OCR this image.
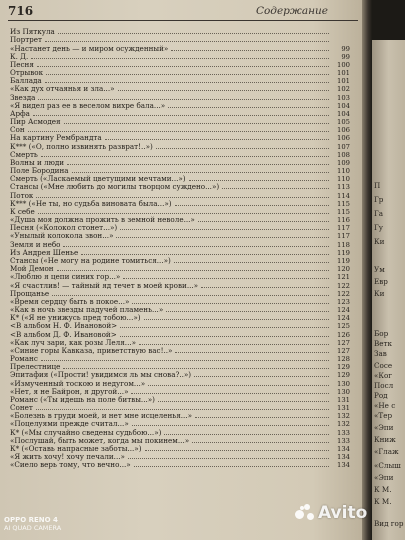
716	Содержание
Из Пяткула
Портрет
«Настанет день — и миром осужденный»	99
К. Д.	99
Песня	100
Отрывок	101
Баллада	101
«Как дух отчаянья и зла...»	102
Звезда	103
«Я видел раз ее в веселом вихре бала...»	104
Арфа	104
Пир Асмодея	105
Сон	106
На картину Рембрандта	106
К*** («О, полно извинять разврат!..»)	107
Смерть	108
Волны и люди	109
Поле Бородина	110
Смерть («Ласкаемый цветущими мечтами...»)	110
Стансы («Мне любить до могилы творцом суждено...»)	113
Поток	114
К*** («Не ты, но судьба виновата была...»)	115
К себе	115
«Душа моя должна прожить в земной неволе...»	116
Песня («Колокол стонет...»)	117
«Унылый колокола звон...»	117
Земля и небо	118
Из Андрея Шенье	119
Стансы («Не могу на родине томиться...»)	119
Мой Демон	120
«Люблю я цепи синих гор...»	121
«Я счастлив! — тайный яд течет в моей крови...»	122
Прощанье	122
«Время сердцу быть в покое...»	123
«Как в ночь звезды падучей пламень...»	124
К* («Я не унижусь пред тобою...»)	124
<В альбом Н. Ф. Ивановой>	125
<В альбом Д. Ф. Ивановой>	126
«Как луч зари, как розы Леля...»	127
«Синие горы Кавказа, приветствую вас!..»	127
Романс	128
Прелестнице	129
Эпитафия («Прости! увидимся ль мы снова?..»)	129
«Измученный тоскою и недугом...»	130
«Нет, я не Байрон, я другой...»	130
Романс («Ты идешь на поле битвы...»)	131
Сонет	131
«Болезнь в груди моей, и нет мне исцеленья...»	132
«Поцелуями прежде считал...»	132
К* («Мы случайно сведены судьбою...»)	133
«Послушай, быть может, когда мы покинем...»	133
К* («Оставь напрасные заботы...»)	134
«Я жить хочу! хочу печали...»	134
«Сиело верь тому, что вечно...»	134
П
Гр
Га
Гу
Ки
Ум
Евр
Ки
Бор
Ветк
Зав
Сосе
«Ког
Посл
Род
«Не с
«Тер
«Эпи
Книж
«Глаж
«Слыш
«Эпи
К М.
К М.
Вид гор
OPPO RENO 4
AI QUAD CAMERA
Avito
